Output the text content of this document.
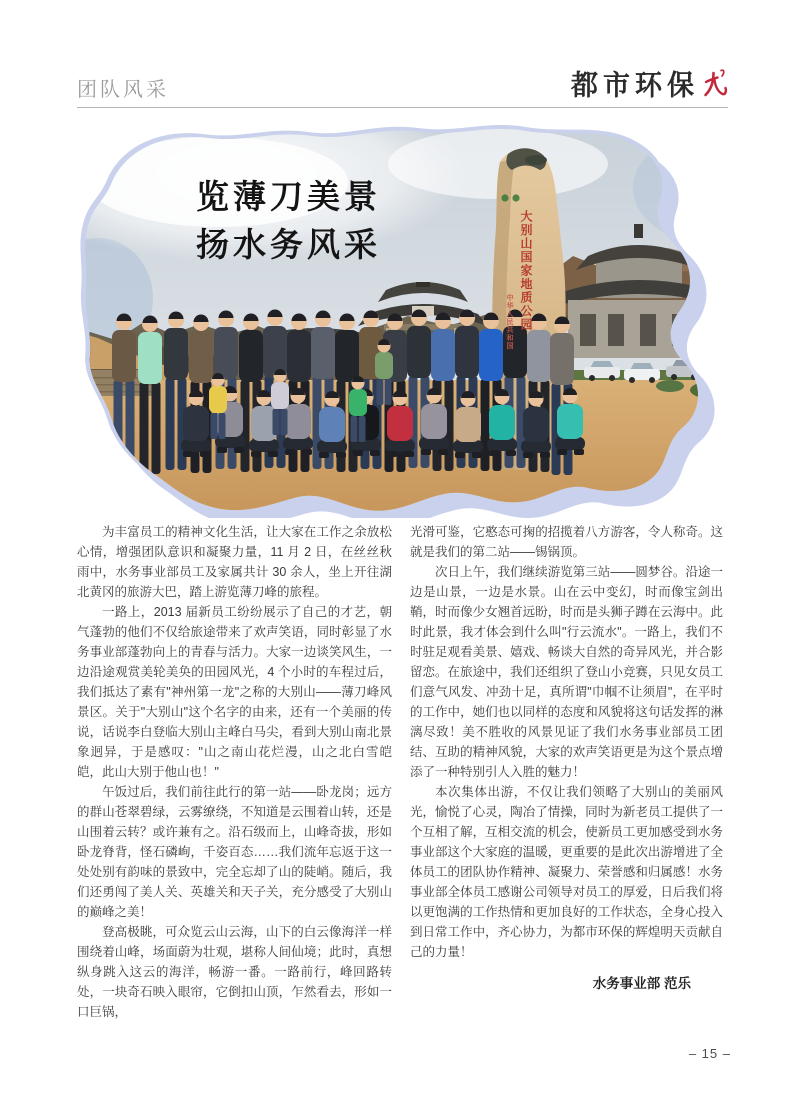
团队风采	都市环保
览薄刀美景
扬水务风采	大别山国家地质公园
中华人民共和国

为丰富员工的精神文化生活，让大家在工作之余放松心情，增强团队意识和凝聚力量，11 月 2 日，在丝丝秋雨中，水务事业部员工及家属共计 30 余人，坐上开往湖北黄冈的旅游大巴，踏上游览薄刀峰的旅程。

一路上，2013 届新员工纷纷展示了自己的才艺，朝气蓬勃的他们不仅给旅途带来了欢声笑语，同时彰显了水务事业部蓬勃向上的青春与活力。大家一边谈笑风生，一边沿途观赏美轮美奂的田园风光，4 个小时的车程过后，我们抵达了素有"神州第一龙"之称的大别山——薄刀峰风景区。关于"大别山"这个名字的由来，还有一个美丽的传说，话说李白登临大别山主峰白马尖，看到大别山南北景象迥异，于是感叹："山之南山花烂漫，山之北白雪皑皑，此山大别于他山也！"

午饭过后，我们前往此行的第一站——卧龙岗；远方的群山苍翠碧绿，云雾缭绕，不知道是云围着山转，还是山围着云转？或许兼有之。沿石级而上，山峰奇拔，形如卧龙脊背，怪石磷峋，千姿百态……我们流年忘返于这一处处别有韵味的景致中，完全忘却了山的陡峭。随后，我们还勇闯了美人关、英雄关和天子关，充分感受了大别山的巅峰之美！

登高极眺，可众览云山云海，山下的白云像海洋一样围绕着山峰，场面蔚为壮观，堪称人间仙境；此时，真想纵身跳入这云的海洋，畅游一番。一路前行，峰回路转处，一块奇石映入眼帘，它倒扣山顶，乍然看去，形如一口巨锅，

光滑可鉴，它憨态可掬的招揽着八方游客，令人称奇。这就是我们的第二站——锡锅顶。

次日上午，我们继续游览第三站——圆梦谷。沿途一边是山景，一边是水景。山在云中变幻，时而像宝剑出鞘，时而像少女翘首远盼，时而是头狮子蹲在云海中。此时此景，我才体会到什么叫"行云流水"。一路上，我们不时驻足观看美景、嬉戏、畅谈大自然的奇异风光，并合影留恋。在旅途中，我们还组织了登山小竞赛，只见女员工们意气风发、冲劲十足，真所谓"巾帼不让须眉"，在平时的工作中，她们也以同样的态度和风貌将这句话发挥的淋漓尽致！美不胜收的风景见证了我们水务事业部员工团结、互助的精神风貌，大家的欢声笑语更是为这个景点增添了一种特别引人入胜的魅力！

本次集体出游，不仅让我们领略了大别山的美丽风光，愉悦了心灵，陶冶了情操，同时为新老员工提供了一个互相了解，互相交流的机会，使新员工更加感受到水务事业部这个大家庭的温暖，更重要的是此次出游增进了全体员工的团队协作精神、凝聚力、荣誉感和归属感！水务事业部全体员工感谢公司领导对员工的厚爱，日后我们将以更饱满的工作热情和更加良好的工作状态，全身心投入到日常工作中，齐心协力，为都市环保的辉煌明天贡献自己的力量！

水务事业部 范乐

– 15 –
